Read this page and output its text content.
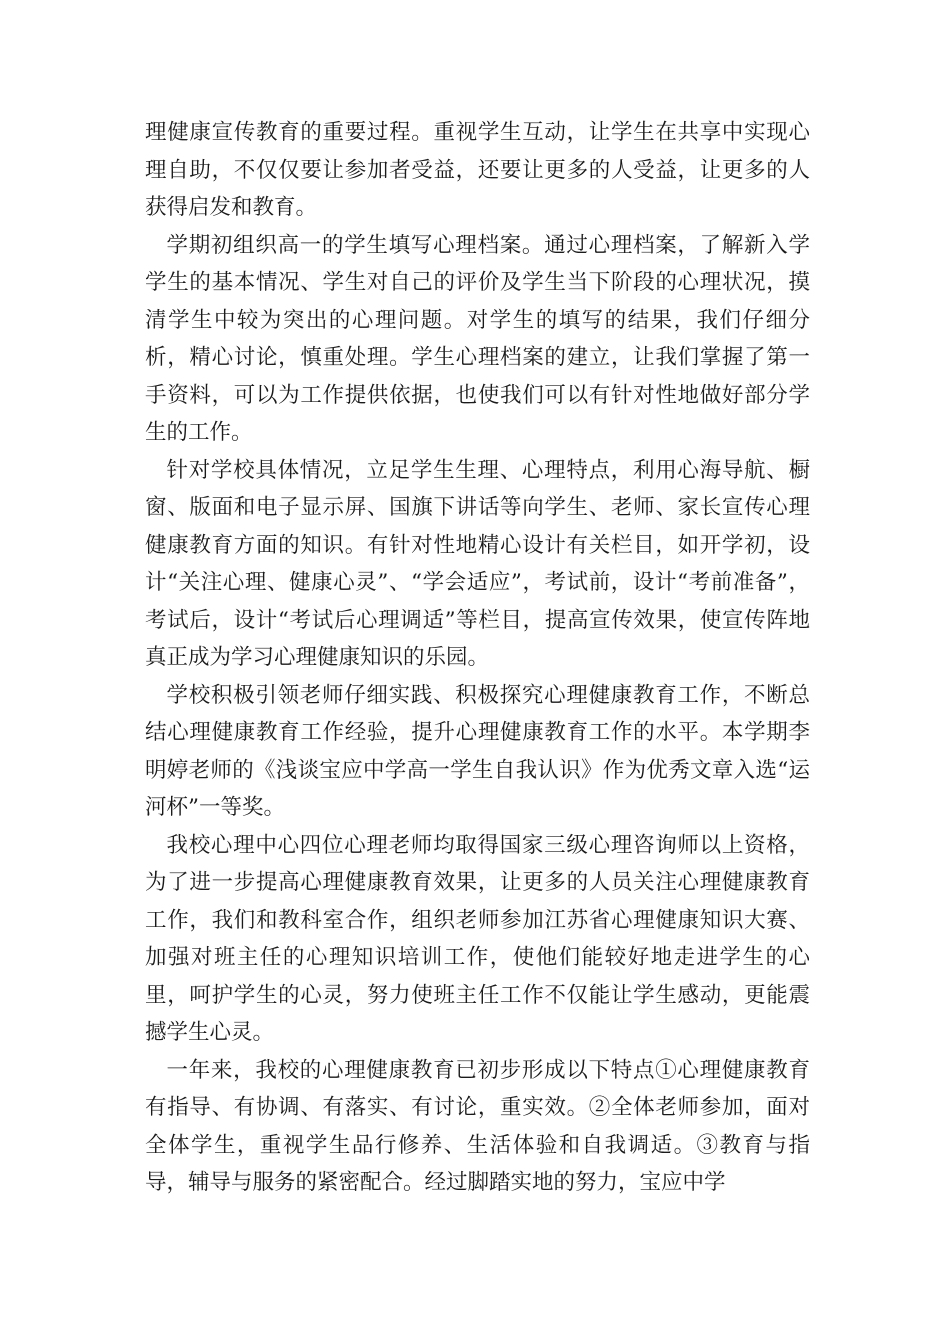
理健康宣传教育的重要过程。重视学生互动，让学生在共享中实现心理自助，不仅仅要让参加者受益，还要让更多的人受益，让更多的人获得启发和教育。

学期初组织高一的学生填写心理档案。通过心理档案，了解新入学学生的基本情况、学生对自己的评价及学生当下阶段的心理状况，摸清学生中较为突出的心理问题。对学生的填写的结果，我们仔细分析，精心讨论，慎重处理。学生心理档案的建立，让我们掌握了第一手资料，可以为工作提供依据，也使我们可以有针对性地做好部分学生的工作。

针对学校具体情况，立足学生生理、心理特点，利用心海导航、橱窗、版面和电子显示屏、国旗下讲话等向学生、老师、家长宣传心理健康教育方面的知识。有针对性地精心设计有关栏目，如开学初，设计“关注心理、健康心灵”、“学会适应”，考试前，设计“考前准备”，考试后，设计“考试后心理调适”等栏目，提高宣传效果，使宣传阵地真正成为学习心理健康知识的乐园。

学校积极引领老师仔细实践、积极探究心理健康教育工作，不断总结心理健康教育工作经验，提升心理健康教育工作的水平。本学期李明婷老师的《浅谈宝应中学高一学生自我认识》作为优秀文章入选“运河杯”一等奖。

我校心理中心四位心理老师均取得国家三级心理咨询师以上资格，为了进一步提高心理健康教育效果，让更多的人员关注心理健康教育工作，我们和教科室合作，组织老师参加江苏省心理健康知识大赛、加强对班主任的心理知识培训工作，使他们能较好地走进学生的心里，呵护学生的心灵，努力使班主任工作不仅能让学生感动，更能震撼学生心灵。

一年来，我校的心理健康教育已初步形成以下特点①心理健康教育有指导、有协调、有落实、有讨论，重实效。②全体老师参加，面对全体学生，重视学生品行修养、生活体验和自我调适。③教育与指导，辅导与服务的紧密配合。经过脚踏实地的努力，宝应中学
